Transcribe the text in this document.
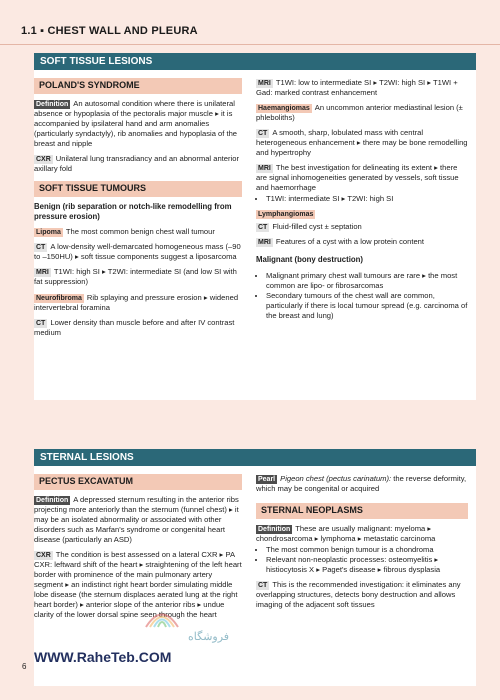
1.1 ▪ CHEST WALL AND PLEURA
SOFT TISSUE LESIONS
POLAND'S SYNDROME

Definition An autosomal condition where there is unilateral absence or hypoplasia of the pectoralis major muscle ▸ it is accompanied by ipsilateral hand and arm anomalies (particularly syndactyly), rib anomalies and hypoplasia of the breast and nipple

CXR Unilateral lung transradiancy and an abnormal anterior axillary fold

SOFT TISSUE TUMOURS
Benign (rib separation or notch-like remodelling from pressure erosion)

Lipoma The most common benign chest wall tumour

CT A low-density well-demarcated homogeneous mass (–90 to –150HU) ▸ soft tissue components suggest a liposarcoma

MRI T1WI: high SI ▸ T2WI: intermediate SI (and low SI with fat suppression)

Neurofibroma Rib splaying and pressure erosion ▸ widened intervertebral foramina

CT Lower density than muscle before and after IV contrast medium

MRI T1WI: low to intermediate SI ▸ T2WI: high SI ▸ T1WI + Gad: marked contrast enhancement

Haemangiomas An uncommon anterior mediastinal lesion (± phleboliths)

CT A smooth, sharp, lobulated mass with central heterogeneous enhancement ▸ there may be bone remodelling and hypertrophy

MRI The best investigation for delineating its extent ▸ there are signal inhomogeneities generated by vessels, soft tissue and haemorrhage

• T1WI: intermediate SI ▸ T2WI: high SI

Lymphangiomas

CT Fluid-filled cyst ± septation

MRI Features of a cyst with a low protein content

Malignant (bony destruction)
• Malignant primary chest wall tumours are rare ▸ the most common are lipo- or fibrosarcomas
• Secondary tumours of the chest wall are common, particularly if there is local tumour spread (e.g. carcinoma of the breast and lung)
STERNAL LESIONS
PECTUS EXCAVATUM

Definition A depressed sternum resulting in the anterior ribs projecting more anteriorly than the sternum (funnel chest) ▸ it may be an isolated abnormality or associated with other disorders such as Marfan's syndrome or congenital heart disease (particularly an ASD)

CXR The condition is best assessed on a lateral CXR ▸ PA CXR: leftward shift of the heart ▸ straightening of the left heart border with prominence of the main pulmonary artery segment ▸ an indistinct right heart border simulating middle lobe disease (the sternum displaces aerated lung at the right heart border) ▸ anterior slope of the anterior ribs ▸ undue clarity of the lower dorsal spine seen through the heart

Pearl Pigeon chest (pectus carinatum): the reverse deformity, which may be congenital or acquired

STERNAL NEOPLASMS

Definition These are usually malignant: myeloma ▸ chondrosarcoma ▸ lymphoma ▸ metastatic carcinoma

• The most common benign tumour is a chondroma
• Relevant non-neoplastic processes: osteomyelitis ▸ histiocytosis X ▸ Paget's disease ▸ fibrous dysplasia

CT This is the recommended investigation: it eliminates any overlapping structures, detects bony destruction and allows imaging of the adjacent soft tissues

فروشگاه
WWW.RaheTeb.COM
6
